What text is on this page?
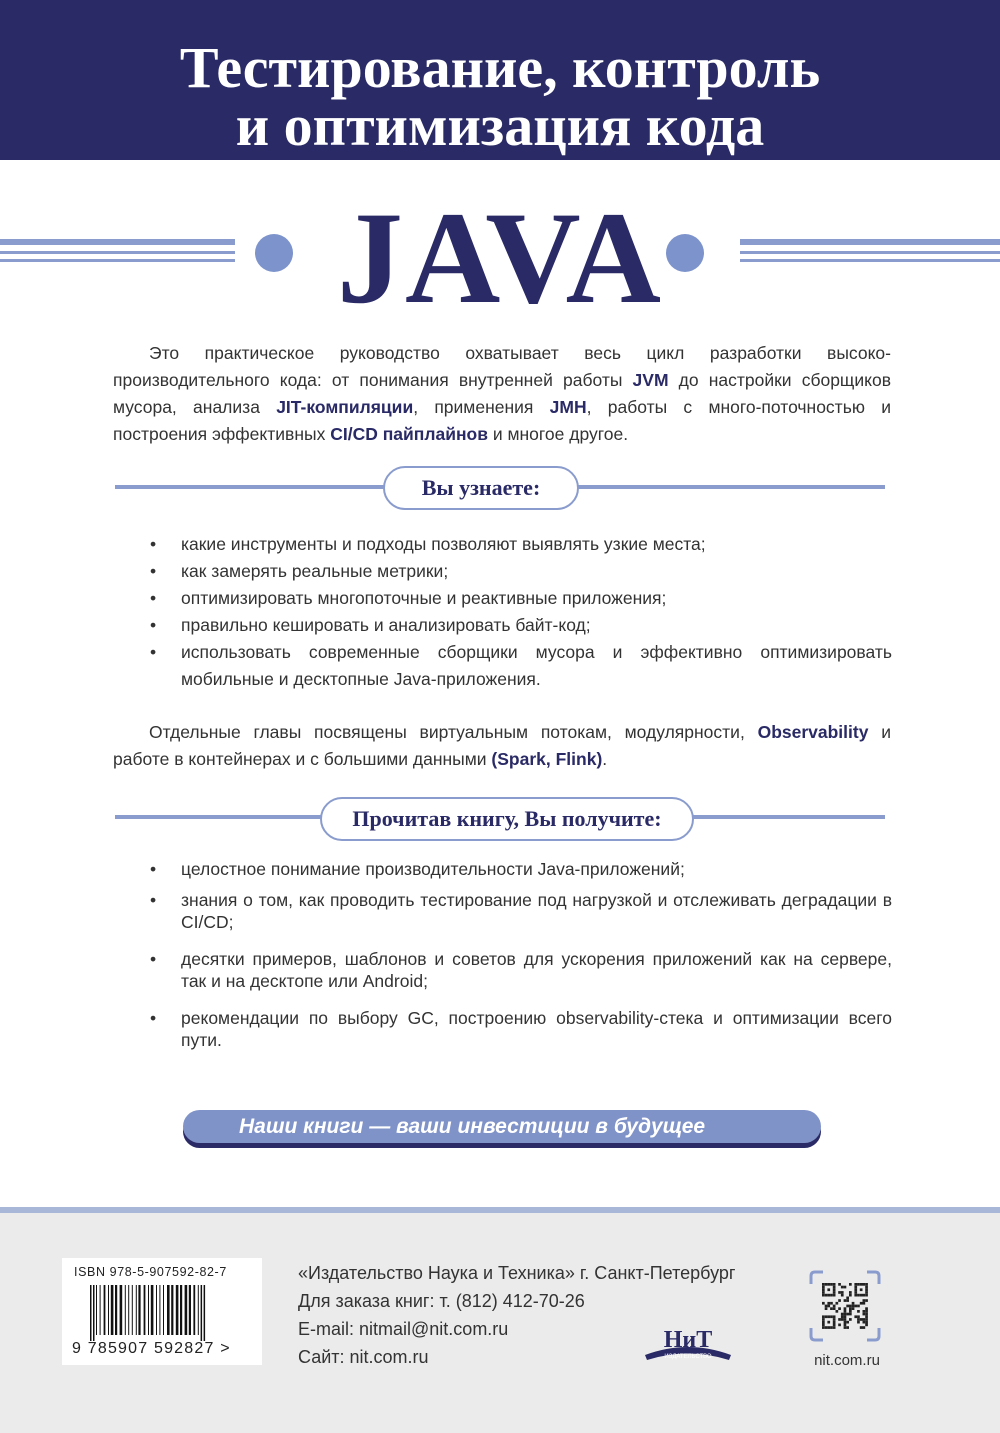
Тестирование, контроль
и оптимизация кода
JAVA
Это практическое руководство охватывает весь цикл разработки высоко-производительного кода: от понимания внутренней работы JVM до настройки сборщиков мусора, анализа JIT-компиляции, применения JMH, работы с много-поточностью и построения эффективных CI/CD пайплайнов и многое другое.
Вы узнаете:
• какие инструменты и подходы позволяют выявлять узкие места;
• как замерять реальные метрики;
• оптимизировать многопоточные и реактивные приложения;
• правильно кешировать и анализировать байт-код;
• использовать современные сборщики мусора и эффективно оптимизировать мобильные и десктопные Java-приложения.
Отдельные главы посвящены виртуальным потокам, модулярности, Observability и работе в контейнерах и с большими данными (Spark, Flink).
Прочитав книгу, Вы получите:
• целостное понимание производительности Java-приложений;
• знания о том, как проводить тестирование под нагрузкой и отслеживать деградации в CI/CD;
• десятки примеров, шаблонов и советов для ускорения приложений как на сервере, так и на десктопе или Android;
• рекомендации по выбору GC, построению observability-стека и оптимизации всего пути.
Наши книги — ваши инвестиции в будущее
ISBN 978-5-907592-82-7
9 785907 592827 >
«Издательство Наука и Техника» г. Санкт-Петербург
Для заказа книг: т. (812) 412-70-26
E-mail: nitmail@nit.com.ru
Сайт: nit.com.ru
НиТ
ИЗДАТЕЛЬСТВО	nit.com.ru
